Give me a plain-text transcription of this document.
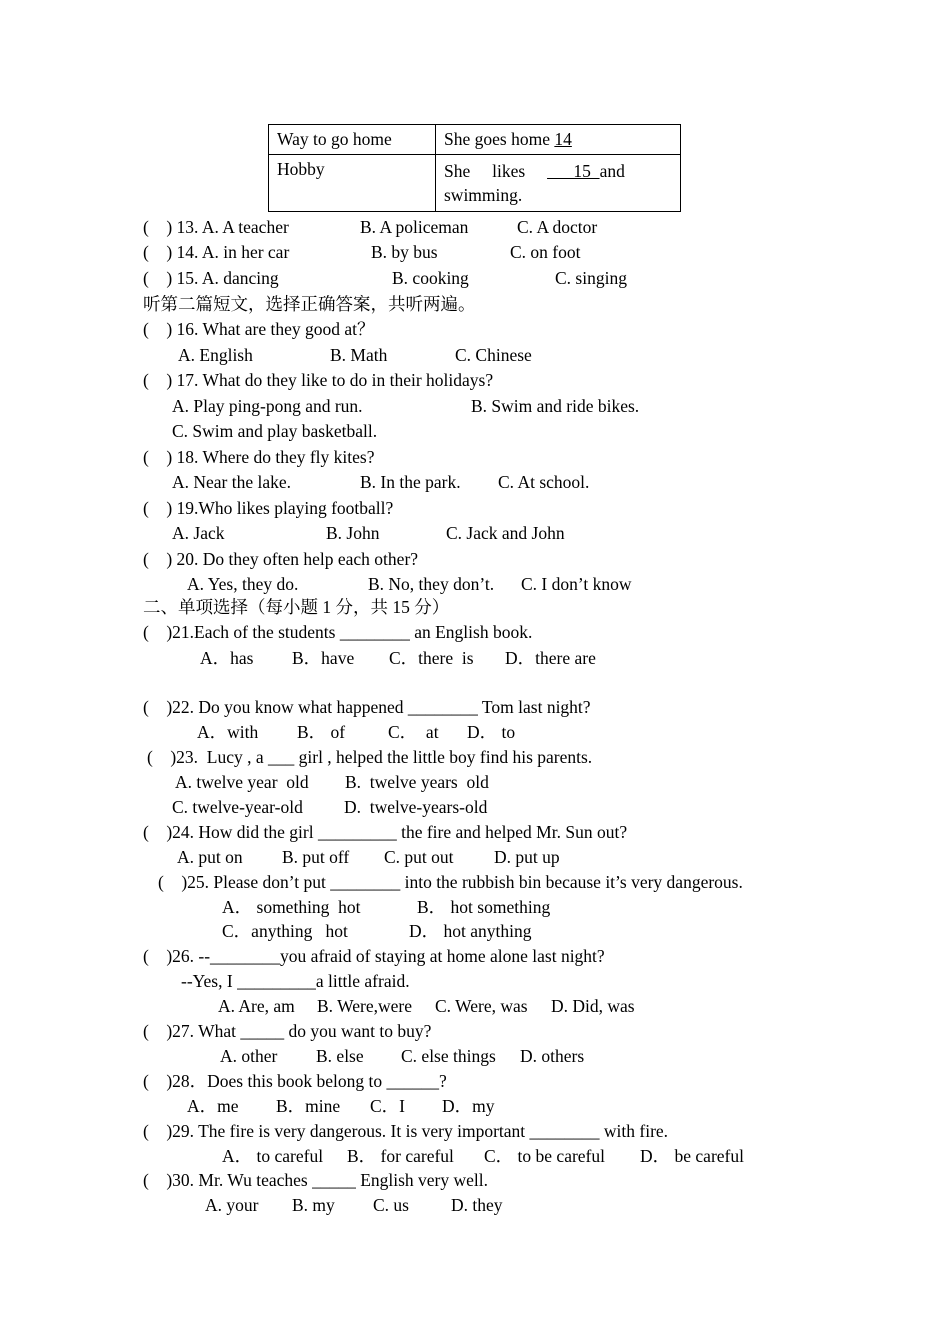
Way to go home	She goes home 14
Hobby	She     likes           15  and
swimming.
(    ) 13. A. A teacher	B. A policeman	C. A doctor
(    ) 14. A. in her car	B. by bus	C. on foot
(    ) 15. A. dancing	B. cooking	C. singing
听第二篇短文，选择正确答案，共听两遍。
(    ) 16. What are they good at？
A. English	B. Math	C. Chinese
(    ) 17. What do they like to do in their holidays?
A. Play ping-pong and run.	B. Swim and ride bikes.
C. Swim and play basketball.
(    ) 18. Where do they fly kites?
A. Near the lake.	B. In the park. C. At school.
(    ) 19.Who likes playing football?
A. Jack	B. John	C. Jack and John
(    ) 20. Do they often help each other?
A. Yes, they do.	B. No, they don’t. C. I don’t know
二、单项选择（每小题 1 分，共 15 分）
(    )21.Each of the students ________ an English book.
A．has B．have C．there  is D．there are
(    )22. Do you know what happened ________ Tom last night?
A．with B． of C．  at D． to
(    )23.  Lucy , a ___ girl , helped the little boy find his parents.
A. twelve year  old B.  twelve years  old
C. twelve-year-old D.  twelve-years-old
(    )24. How did the girl _________ the fire and helped Mr. Sun out?
A. put on B. put off C. put out D. put up
(    )25. Please don’t put ________ into the rubbish bin because it’s very dangerous.
A． something  hot	B． hot something
C．anything   hot	D． hot anything
(    )26. --________you afraid of staying at home alone last night?
--Yes, I _________a little afraid.
A. Are, am B. Were,were C. Were, was D. Did, was
(    )27. What _____ do you want to buy?
A. other B. else C. else things D. others
(    )28．Does this book belong to ______?
A．me B．mine C．I D．my
(    )29. The fire is very dangerous. It is very important ________ with fire.
A． to careful B． for careful C． to be careful D． be careful
(    )30. Mr. Wu teaches _____ English very well.
A. your B. my C. us D. they
